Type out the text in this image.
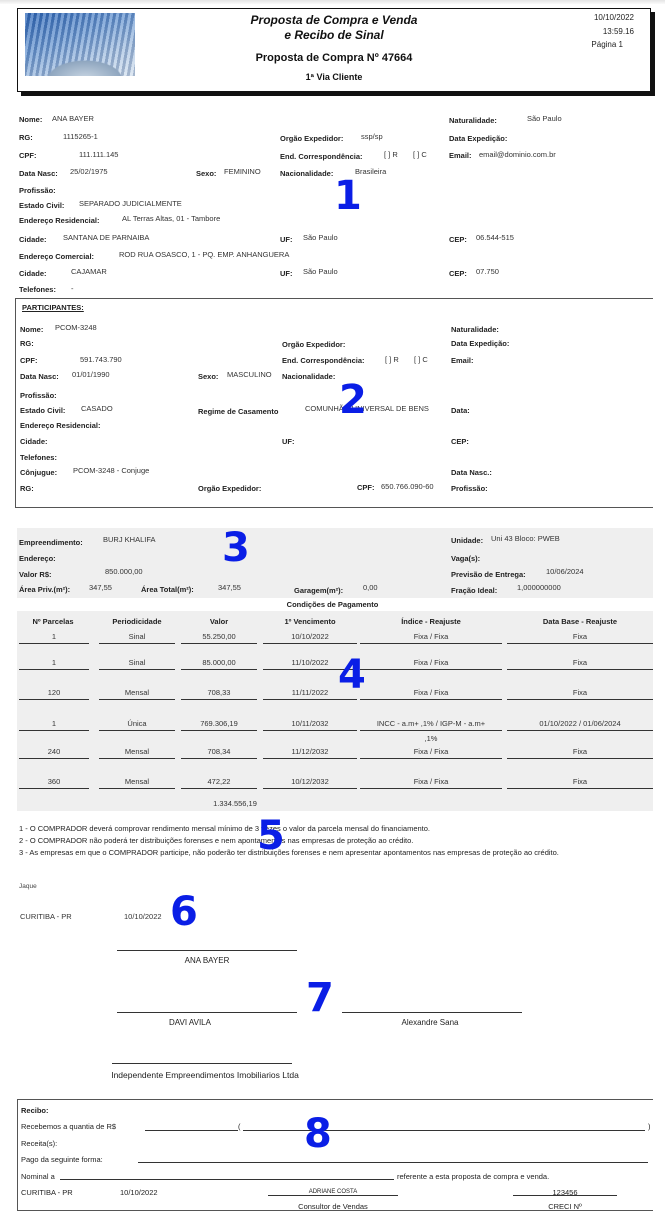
Proposta de Compra e Venda
e Recibo de Sinal
Proposta de Compra Nº 47664
1ª Via Cliente
10/10/2022
13:59.16
Página 1
Nome: ANA BAYER	Naturalidade:	São Paulo
RG:	1115265-1	Orgão Expedidor: ssp/sp	Data Expedição:
CPF:	111.111.145	End. Correspondência:	[ ] R [ ] C	Email: email@dominio.com.br
Data Nasc: 25/02/1975	Sexo: FEMININO	Nacionalidade:	Brasileira
Profissão:
Estado Civil: SEPARADO JUDICIALMENTE
Endereço Residencial:	AL Terras Altas, 01 - Tambore
Cidade: SANTANA DE PARNAIBA	UF: São Paulo	CEP: 06.544-515
Endereço Comercial:	ROD RUA OSASCO, 1 - PQ. EMP. ANHANGUERA
Cidade:	CAJAMAR	UF: São Paulo	CEP: 07.750
Telefones: -
1
PARTICIPANTES:
Nome: PCOM-3248	Naturalidade:
RG:	Orgão Expedidor:	Data Expedição:
CPF:	591.743.790	End. Correspondência:	[ ] R [ ] C	Email:
Data Nasc: 01/01/1990	Sexo: MASCULINO Nacionalidade:
Profissão:
Estado Civil: CASADO	Regime de Casamento	COMUNHÃO UNIVERSAL DE BENS	Data:
Endereço Residencial:
Cidade:	UF:	CEP:
Telefones:
Cônjugue: PCOM-3248 - Conjuge	Data Nasc.:
RG:	Orgão Expedidor:	CPF: 650.766.090-60 Profissão:
2
Empreendimento:	BURJ KHALIFA	Unidade: Uni 43 Bloco: PWEB
Endereço:	Vaga(s):
Valor R$:	850.000,00	Previsão de Entrega:	10/06/2024
Área Priv.(m²):	347,55	Área Total(m²):	347,55	Garagem(m²):	0,00	Fração Ideal:	1,000000000
3
Condições de Pagamento
Nº Parcelas	Periodicidade	Valor	1º Vencimento	Índice - Reajuste	Data Base - Reajuste
1	Sinal	55.250,00	10/10/2022	Fixa / Fixa	Fixa
1	Sinal	85.000,00	11/10/2022	Fixa / Fixa	Fixa
120	Mensal	708,33	11/11/2022	Fixa / Fixa	Fixa
1	Única	769.306,19	10/11/2032	INCC - a.m+ ,1% / IGP-M - a.m+	01/10/2022 / 01/06/2024
,1%
240	Mensal	708,34	11/12/2032	Fixa / Fixa	Fixa
360	Mensal	472,22	10/12/2032	Fixa / Fixa	Fixa
1.334.556,19
4

1 - O COMPRADOR deverá comprovar rendimento mensal mínimo de 3 vezes o valor da parcela mensal do financiamento.

2 - O COMPRADOR não poderá ter distribuições forenses e nem apontamentos nas empresas de proteção ao crédito.

3 - As empresas em que o COMPRADOR participe, não poderão ter distribuições forenses e nem apresentar apontamentos nas empresas de proteção ao crédito.

Jaque
5
CURITIBA - PR	10/10/2022 6
ANA BAYER
DAVI AVILA	Alexandre Sana
7
Independente Empreendimentos Imobiliarios Ltda
Recibo:
Recebemos a quantia de R$	(	)
Receita(s):
Pago da seguinte forma:
Nominal a	referente a esta proposta de compra e venda.
CURITIBA - PR	10/10/2022	ADRIANE COSTA
Consultor de Vendas
123456
CRECI Nº
8
